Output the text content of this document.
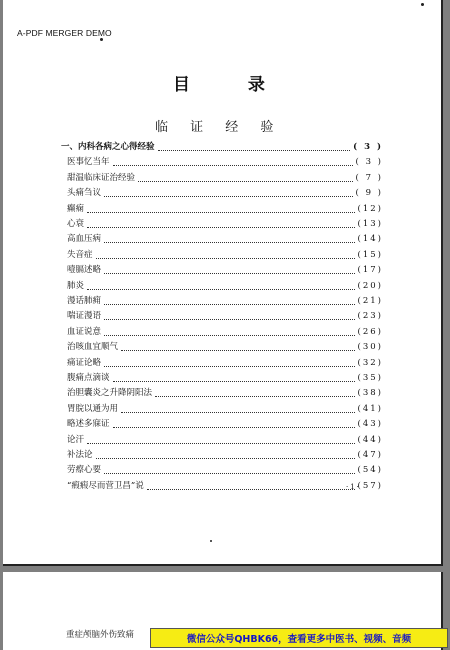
A-PDF MERGER DEMO
目 录
临 证 经 验
一、内科各病之心得经验	( 3 )
医事忆当年	( 3 )
甜温临床证治经验	( 7 )
头痛刍议	( 9 )
癫痫	(12)
心衰	(13)
高血压病	(14)
失音症	(15)
噎膈述略	(17)
肺炎	(20)
漫话肺痈	(21)
喘证漫语	(23)
血证说意	(26)
治咳血宜顺气	(30)
痛证论略	(32)
腹痛点滴谈	(35)
治胆囊炎之升降阴阳法	(38)
胃脘以通为用	(41)
略述多寐证	(43)
论汗	(44)
补法论	(47)
劳瘵心要	(54)
“瘕瘕尽而营卫昌”说	(57)
·1·
重症颅脑外伤致痛	微信公众号QHBK66，查看更多中医书、视频、音频
